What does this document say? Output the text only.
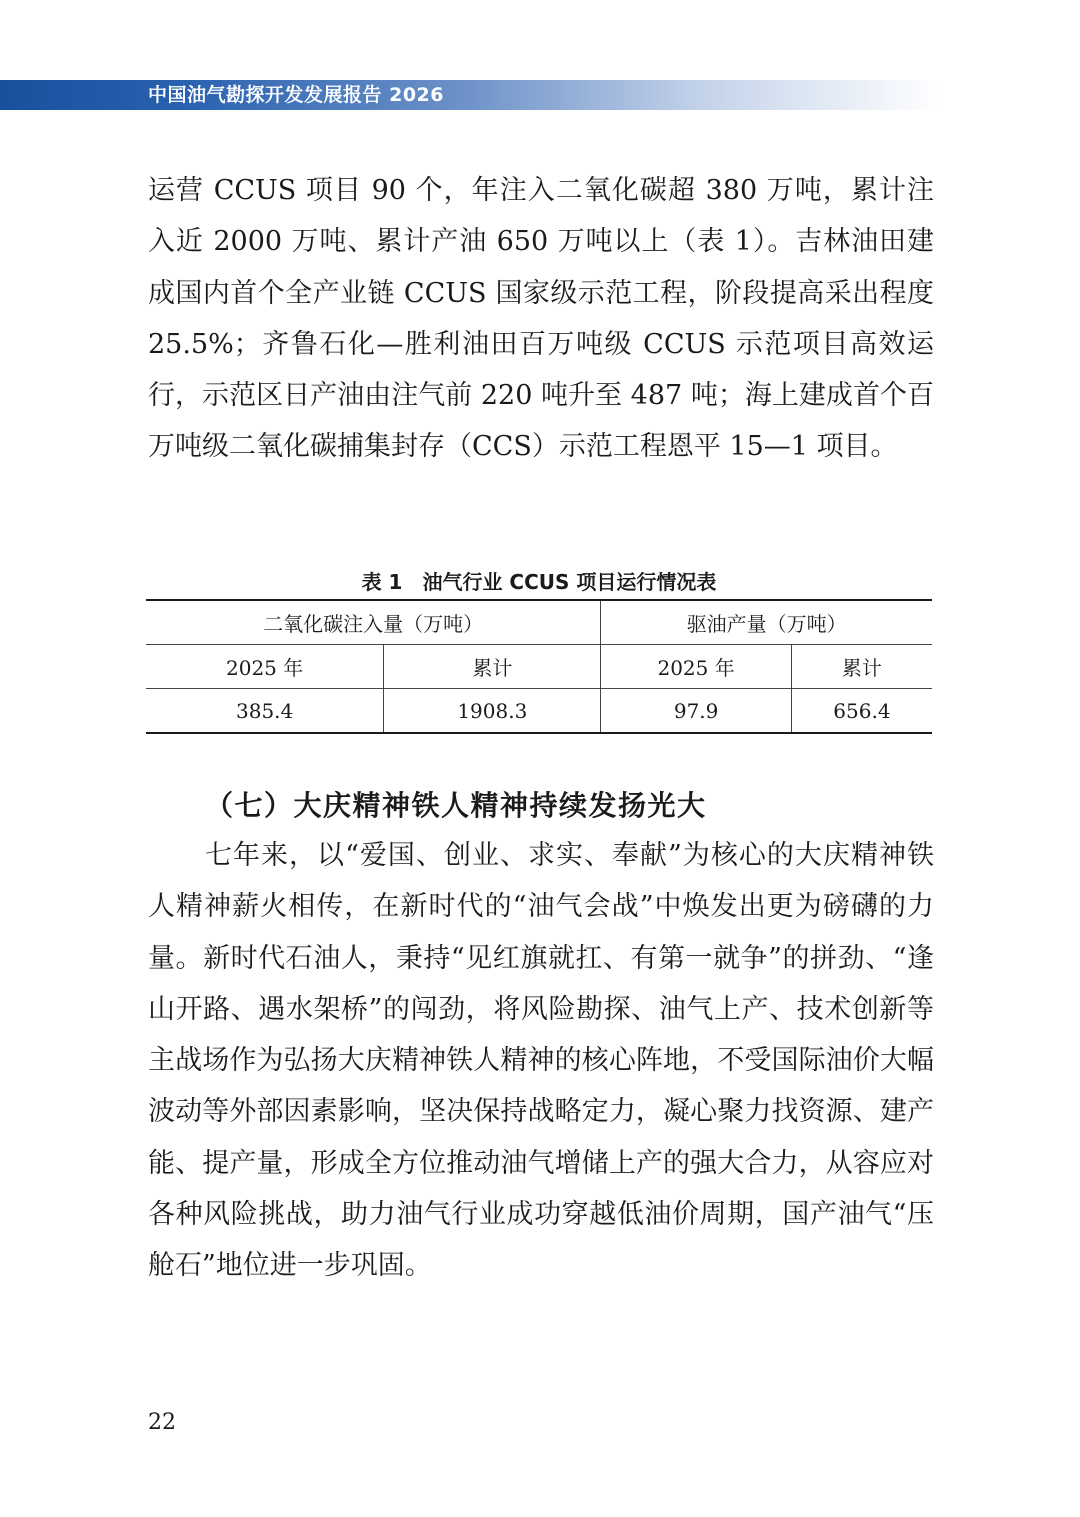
中国油气勘探开发发展报告 2026

运营 CCUS 项目 90 个，年注入二氧化碳超 380 万吨，累计注入近 2000 万吨、累计产油 650 万吨以上（表 1）。吉林油田建成国内首个全产业链 CCUS 国家级示范工程，阶段提高采出程度 25.5%；齐鲁石化—胜利油田百万吨级 CCUS 示范项目高效运行，示范区日产油由注气前 220 吨升至 487 吨；海上建成首个百万吨级二氧化碳捕集封存（CCS）示范工程恩平 15—1 项目。

表 1　油气行业 CCUS 项目运行情况表
二氧化碳注入量（万吨）		驱油产量（万吨）	
2025 年	累计	2025 年	累计
385.4	1908.3	97.9	656.4
（七）大庆精神铁人精神持续发扬光大

七年来，以“爱国、创业、求实、奉献”为核心的大庆精神铁人精神薪火相传，在新时代的“油气会战”中焕发出更为磅礴的力量。新时代石油人，秉持“见红旗就扛、有第一就争”的拼劲、“逢山开路、遇水架桥”的闯劲，将风险勘探、油气上产、技术创新等主战场作为弘扬大庆精神铁人精神的核心阵地，不受国际油价大幅波动等外部因素影响，坚决保持战略定力，凝心聚力找资源、建产能、提产量，形成全方位推动油气增储上产的强大合力，从容应对各种风险挑战，助力油气行业成功穿越低油价周期，国产油气“压舱石”地位进一步巩固。

22
